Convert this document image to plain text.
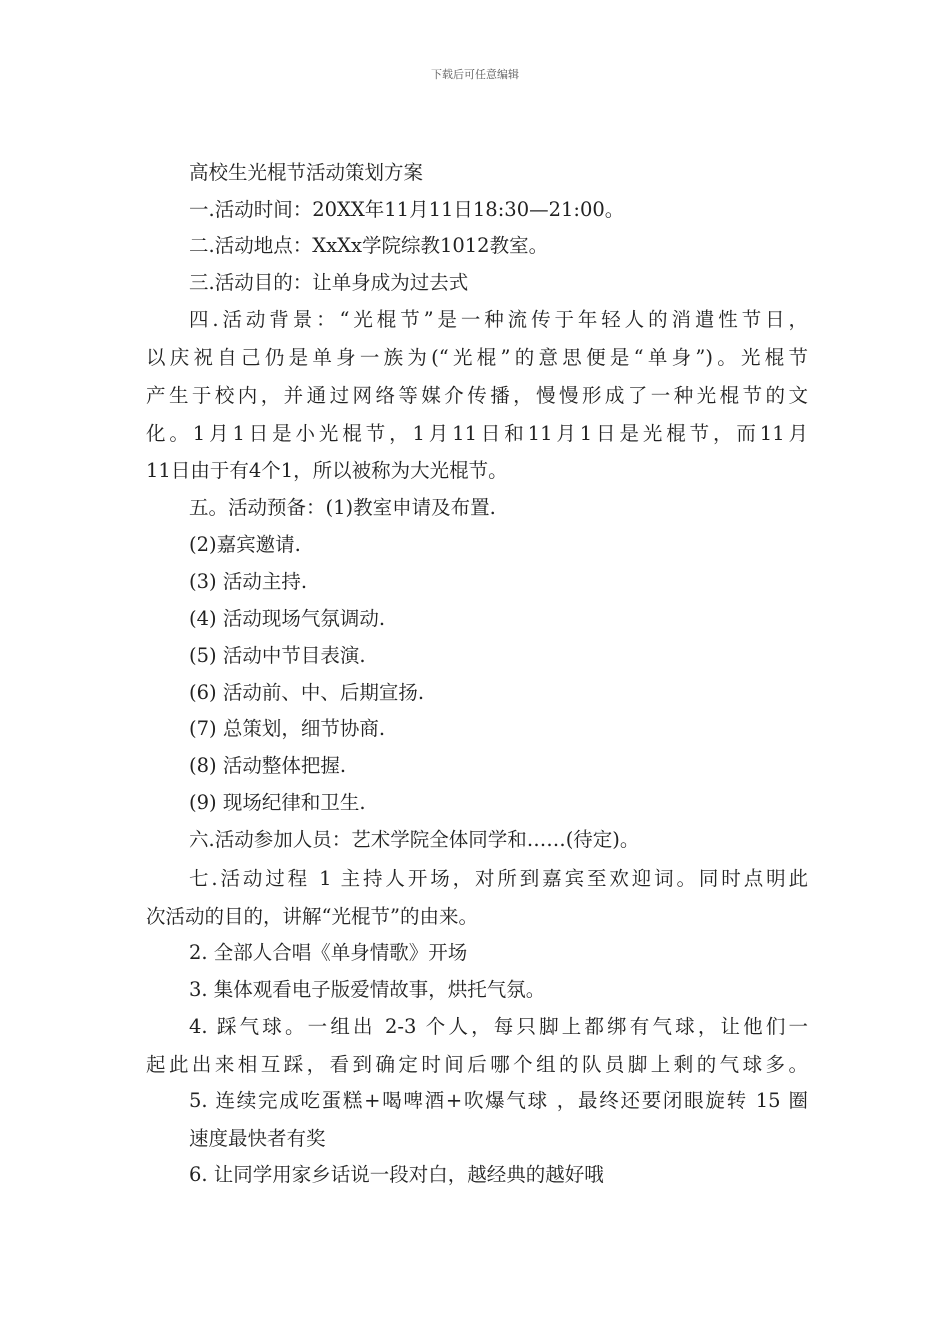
下载后可任意编辑
高校生光棍节活动策划方案
一.活动时间：20XX年11月11日18:30—21:00。
二.活动地点：XxXx学院综教1012教室。
三.活动目的：让单身成为过去式
四.活动背景：“光棍节”是一种流传于年轻人的消遣性节日，
以庆祝自己仍是单身一族为(“光棍”的意思便是“单身”)。光棍节
产生于校内，并通过网络等媒介传播，慢慢形成了一种光棍节的文
化。1月1日是小光棍节，1月11日和11月1日是光棍节，而11月
11日由于有4个1，所以被称为大光棍节。
五。活动预备：(1)教室申请及布置.
(2)嘉宾邀请.
(3) 活动主持.
(4) 活动现场气氛调动.
(5) 活动中节目表演.
(6) 活动前、中、后期宣扬.
(7) 总策划，细节协商.
(8) 活动整体把握.
(9) 现场纪律和卫生.
六.活动参加人员：艺术学院全体同学和……(待定)。
七.活动过程 1 主持人开场，对所到嘉宾至欢迎词。同时点明此
次活动的目的，讲解“光棍节”的由来。
2. 全部人合唱《单身情歌》开场
3. 集体观看电子版爱情故事，烘托气氛。
4. 踩气球。一组出 2-3 个人，每只脚上都绑有气球，让他们一
起此出来相互踩，看到确定时间后哪个组的队员脚上剩的气球多。
5. 连续完成吃蛋糕+喝啤酒+吹爆气球 ，最终还要闭眼旋转 15 圈
速度最快者有奖
6. 让同学用家乡话说一段对白，越经典的越好哦
